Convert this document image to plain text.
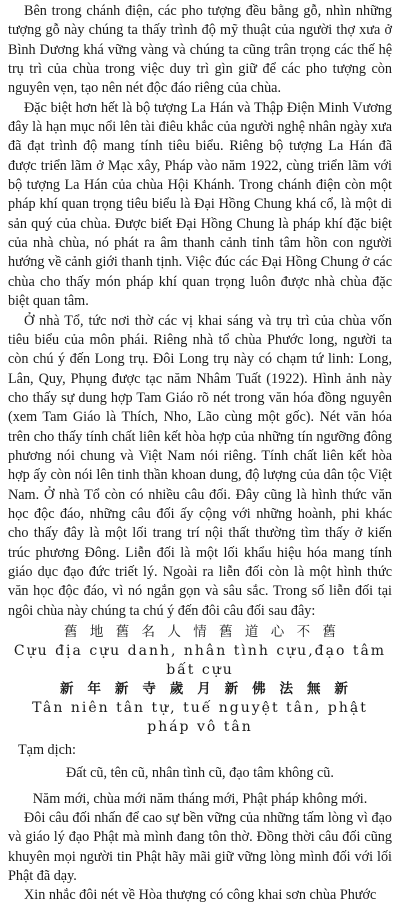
Bên trong chánh điện, các pho tượng đều bằng gỗ, nhìn những tượng gỗ này chúng ta thấy trình độ mỹ thuật của người thợ xưa ở Bình Dương khá vững vàng và chúng ta cũng trân trọng các thế hệ trụ trì của chùa trong việc duy trì gìn giữ để các pho tượng còn nguyên vẹn, tạo nên nét độc đáo riêng của chùa.

Đặc biệt hơn hết là bộ tượng La Hán và Thập Điện Minh Vương đây là hạn mục nổi lên tài điêu khắc của người nghệ nhân ngày xưa đã đạt trình độ mang tính tiêu biểu. Riêng bộ tượng La Hán đã được triển lãm ở Mạc xây, Pháp vào năm 1922, cùng triển lãm với bộ tượng La Hán của chùa Hội Khánh. Trong chánh điện còn một pháp khí quan trọng tiêu biểu là Đại Hồng Chung khá cổ, là một di sản quý của chùa. Được biết Đại Hồng Chung là pháp khí đặc biệt của nhà chùa, nó phát ra âm thanh cảnh tỉnh tâm hồn con người hướng về cảnh giới thanh tịnh. Việc đúc các Đại Hồng Chung ở các chùa cho thấy món pháp khí quan trọng luôn được nhà chùa đặc biệt quan tâm.

Ở nhà Tổ, tức nơi thờ các vị khai sáng và trụ trì của chùa vốn tiêu biểu của môn phái. Riêng nhà tổ chùa Phước long, người ta còn chú ý đến Long trụ. Đôi Long trụ này có chạm tứ linh: Long, Lân, Quy, Phụng được tạc năm Nhâm Tuất (1922). Hình ảnh này cho thấy sự dung hợp Tam Giáo rõ nét trong văn hóa đồng nguyên (xem Tam Giáo là Thích, Nho, Lão cùng một gốc). Nét văn hóa trên cho thấy tính chất liên kết hòa hợp của những tín ngưỡng đông phương nói chung và Việt Nam nói riêng. Tính chất liên kết hòa hợp ấy còn nói lên tinh thần khoan dung, độ lượng của dân tộc Việt Nam. Ở nhà Tổ còn có nhiều câu đối. Đây cũng là hình thức văn học độc đáo, những câu đối ấy cộng với những hoành, phi khác cho thấy đây là một lối trang trí nội thất thường tìm thấy ở kiến trúc phương Đông. Liễn đối là một lối khẩu hiệu hóa mang tính giáo dục đạo đức triết lý. Ngoài ra liễn đối còn là một hình thức văn học độc đáo, vì nó ngắn gọn và sâu sắc. Trong số liễn đối tại ngôi chùa này chúng ta chú ý đến đôi câu đối sau đây:

舊 地 舊 名 人 情 舊 道 心 不 舊
Cựu địa cựu danh, nhân tình cựu,đạo tâm bất cựu
新 年 新 寺 歲 月 新 佛 法 無 新
Tân niên tân tự, tuế nguyệt tân, phật pháp vô tân

Tạm dịch:

Đất cũ, tên cũ, nhân tình cũ, đạo tâm không cũ.

Năm mới, chùa mới năm tháng mới, Phật pháp không mới.

Đôi câu đối nhấn để cao sự bền vững của những tấm lòng vì đạo và giáo lý đạo Phật mà mình đang tôn thờ. Đồng thời câu đối cũng khuyên mọi người tin Phật hãy mãi giữ vững lòng mình đối với lối Phật đã dạy.

Xin nhắc đôi nét về Hòa thượng có công khai sơn chùa Phước
